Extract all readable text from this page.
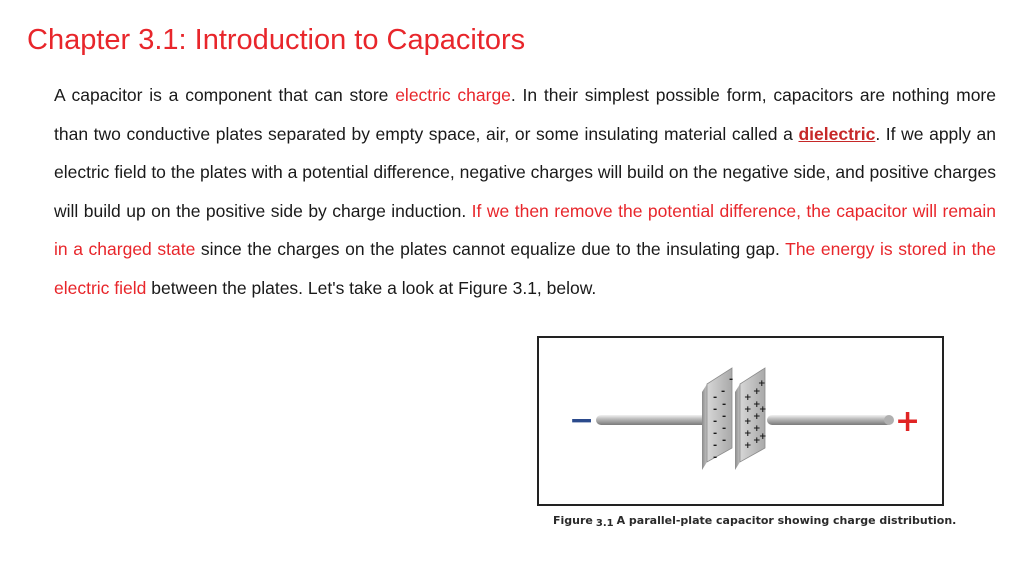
Chapter 3.1: Introduction to Capacitors
A capacitor is a component that can store electric charge. In their simplest possible form, capacitors are nothing more than two conductive plates separated by empty space, air, or some insulating material called a dielectric. If we apply an electric field to the plates with a potential difference, negative charges will build on the negative side, and positive charges will build up on the positive side by charge induction. If we then remove the potential difference, the capacitor will remain in a charged state since the charges on the plates cannot equalize due to the insulating gap. The energy is stored in the electric field between the plates. Let's take a look at Figure 3.1, below.
-
-
- -
- -
- -
- -
-
-
+
+
+
+ +
+
+ +
+ +
+
+ +
−	+
Figure 3.1 A parallel-plate capacitor showing charge distribution.
